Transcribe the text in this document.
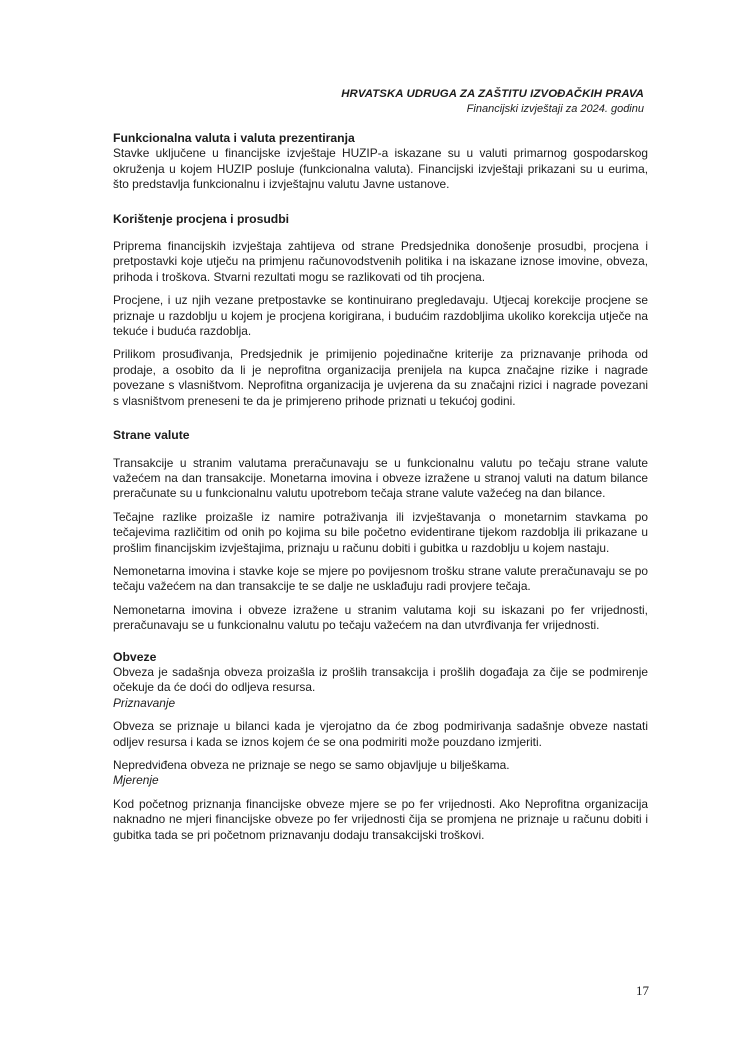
HRVATSKA UDRUGA ZA ZAŠTITU IZVOĐAČKIH PRAVA
Financijski izvještaji za 2024. godinu
Funkcionalna valuta i valuta prezentiranja

Stavke uključene u financijske izvještaje HUZIP-a iskazane su u valuti primarnog gospodarskog okruženja u kojem HUZIP posluje (funkcionalna valuta). Financijski izvještaji prikazani su u eurima, što predstavlja funkcionalnu i izvještajnu valutu Javne ustanove.

Korištenje procjena i prosudbi

Priprema financijskih izvještaja zahtijeva od strane Predsjednika donošenje prosudbi, procjena i pretpostavki koje utječu na primjenu računovodstvenih politika i na iskazane iznose imovine, obveza, prihoda i troškova. Stvarni rezultati mogu se razlikovati od tih procjena.

Procjene, i uz njih vezane pretpostavke se kontinuirano pregledavaju. Utjecaj korekcije procjene se priznaje u razdoblju u kojem je procjena korigirana, i budućim razdobljima ukoliko korekcija utječe na tekuće i buduća razdoblja.

Prilikom prosuđivanja, Predsjednik je primijenio pojedinačne kriterije za priznavanje prihoda od prodaje, a osobito da li je neprofitna organizacija prenijela na kupca značajne rizike i nagrade povezane s vlasništvom. Neprofitna organizacija je uvjerena da su značajni rizici i nagrade povezani s vlasništvom preneseni te da je primjereno prihode priznati u tekućoj godini.

Strane valute

Transakcije u stranim valutama preračunavaju se u funkcionalnu valutu po tečaju strane valute važećem na dan transakcije. Monetarna imovina i obveze izražene u stranoj valuti na datum bilance preračunate su u funkcionalnu valutu upotrebom tečaja strane valute važećeg na dan bilance.

Tečajne razlike proizašle iz namire potraživanja ili izvještavanja o monetarnim stavkama po tečajevima različitim od onih po kojima su bile početno evidentirane tijekom razdoblja ili prikazane u prošlim financijskim izvještajima, priznaju u računu dobiti i gubitka u razdoblju u kojem nastaju.

Nemonetarna imovina i stavke koje se mjere po povijesnom trošku strane valute preračunavaju se po tečaju važećem na dan transakcije te se dalje ne usklađuju radi provjere tečaja.

Nemonetarna imovina i obveze izražene u stranim valutama koji su iskazani po fer vrijednosti, preračunavaju se u funkcionalnu valutu po tečaju važećem na dan utvrđivanja fer vrijednosti.

Obveze

Obveza je sadašnja obveza proizašla iz prošlih transakcija i prošlih događaja za čije se podmirenje očekuje da će doći do odljeva resursa.

Priznavanje

Obveza se priznaje u bilanci kada je vjerojatno da će zbog podmirivanja sadašnje obveze nastati odljev resursa i kada se iznos kojem će se ona podmiriti može pouzdano izmjeriti.

Nepredviđena obveza ne priznaje se nego se samo objavljuje u bilješkama.

Mjerenje

Kod početnog priznanja financijske obveze mjere se po fer vrijednosti. Ako Neprofitna organizacija naknadno ne mjeri financijske obveze po fer vrijednosti čija se promjena ne priznaje u računu dobiti i gubitka tada se pri početnom priznavanju dodaju transakcijski troškovi.

17
